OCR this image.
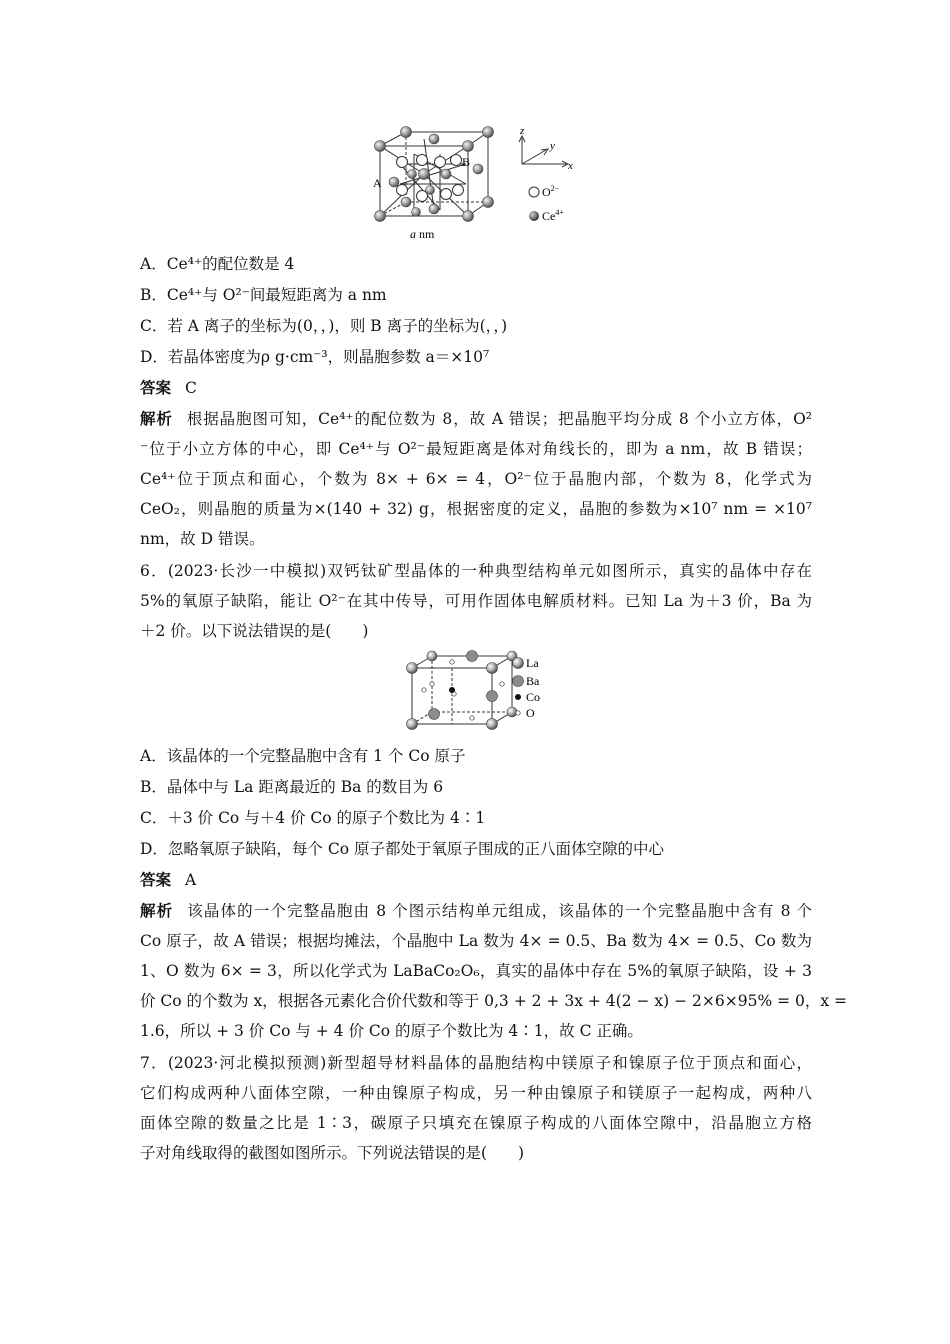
A
B
a nm
z
y
x
$O^{2-}$
$Ce^{4+}$
A．Ce⁴⁺的配位数是 4
B．Ce⁴⁺与 O²⁻间最短距离为 a nm
C．若 A 离子的坐标为(0，，)，则 B 离子的坐标为(，，)
D．若晶体密度为ρ g·cm⁻³，则晶胞参数 a＝×10⁷
答案 C
解析 根据晶胞图可知，Ce⁴⁺的配位数为 8，故 A 错误；把晶胞平均分成 8 个小立方体，O²
⁻位于小立方体的中心，即 Ce⁴⁺与 O²⁻最短距离是体对角线长的，即为 a nm，故 B 错误；
Ce⁴⁺位于顶点和面心，个数为 8× + 6× = 4，O²⁻位于晶胞内部，个数为 8，化学式为
CeO₂，则晶胞的质量为×(140 + 32) g，根据密度的定义，晶胞的参数为×10⁷ nm = ×10⁷
nm，故 D 错误。
6．(2023·长沙一中模拟)双钙钛矿型晶体的一种典型结构单元如图所示，真实的晶体中存在
5%的氧原子缺陷，能让 O²⁻在其中传导，可用作固体电解质材料。已知 La 为＋3 价，Ba 为
＋2 价。以下说法错误的是(　　)
La
Ba
Co
O
A．该晶体的一个完整晶胞中含有 1 个 Co 原子
B．晶体中与 La 距离最近的 Ba 的数目为 6
C．＋3 价 Co 与＋4 价 Co 的原子个数比为 4∶1
D．忽略氧原子缺陷，每个 Co 原子都处于氧原子围成的正八面体空隙的中心
答案 A
解析 该晶体的一个完整晶胞由 8 个图示结构单元组成，该晶体的一个完整晶胞中含有 8 个
Co 原子，故 A 错误；根据均摊法，个晶胞中 La 数为 4× = 0.5、Ba 数为 4× = 0.5、Co 数为
1、O 数为 6× = 3，所以化学式为 LaBaCo₂O₆，真实的晶体中存在 5%的氧原子缺陷，设 + 3
价 Co 的个数为 x，根据各元素化合价代数和等于 0,3 + 2 + 3x + 4(2 − x) − 2×6×95% = 0，x =
1.6，所以 + 3 价 Co 与 + 4 价 Co 的原子个数比为 4∶1，故 C 正确。
7．(2023·河北模拟预测)新型超导材料晶体的晶胞结构中镁原子和镍原子位于顶点和面心，
它们构成两种八面体空隙，一种由镍原子构成，另一种由镍原子和镁原子一起构成，两种八
面体空隙的数量之比是 1∶3，碳原子只填充在镍原子构成的八面体空隙中，沿晶胞立方格
子对角线取得的截图如图所示。下列说法错误的是(　　)
